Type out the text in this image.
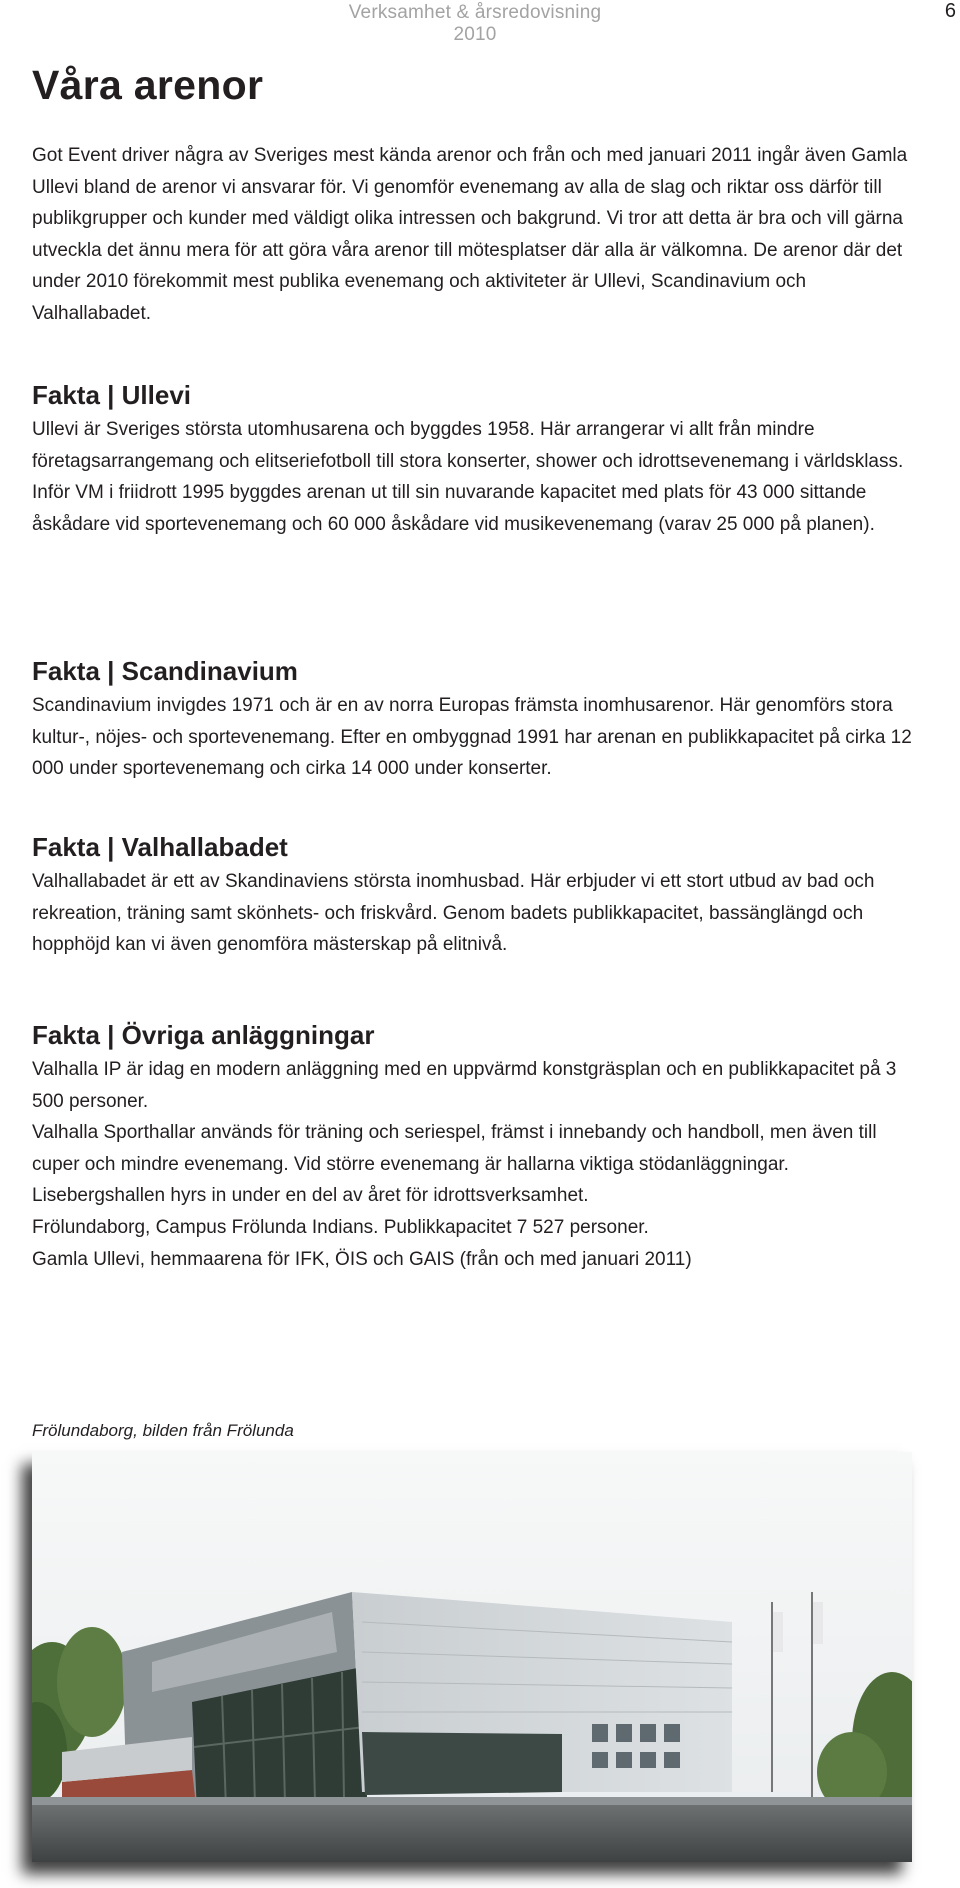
Verksamhet & årsredovisning 2010
6
Våra arenor

Got Event driver några av Sveriges mest kända arenor och från och med januari 2011 ingår även Gamla Ullevi bland de arenor vi ansvarar för. Vi genomför evenemang av alla de slag och riktar oss därför till publikgrupper och kunder med väldigt olika intressen och bakgrund. Vi tror att detta är bra och vill gärna utveckla det ännu mera för att göra våra arenor till mötesplatser där alla är välkomna. De arenor där det under 2010 förekommit mest publika evenemang och aktiviteter är Ullevi, Scandinavium och Valhallabadet.

Fakta | Ullevi

Ullevi är Sveriges största utomhusarena och byggdes 1958. Här arrangerar vi allt från mindre företagsarrangemang och elitseriefotboll till stora konserter, shower och idrottsevenemang i världsklass.

Inför VM i friidrott 1995 byggdes arenan ut till sin nuvarande kapacitet med plats för 43 000 sittande åskådare vid sportevenemang och 60 000 åskådare vid musikevenemang (varav 25 000 på planen).

Fakta | Scandinavium

Scandinavium invigdes 1971 och är en av norra Europas främsta inomhusarenor. Här genomförs stora kultur-, nöjes- och sportevenemang. Efter en ombyggnad 1991 har arenan en publikkapacitet på cirka 12 000 under sportevenemang och cirka 14 000 under konserter.

Fakta | Valhallabadet

Valhallabadet är ett av Skandinaviens största inomhusbad. Här erbjuder vi ett stort utbud av bad och rekreation, träning samt skönhets- och friskvård. Genom badets publikkapacitet, bassänglängd och hopphöjd kan vi även genomföra mästerskap på elitnivå.

Fakta | Övriga anläggningar

Valhalla IP är idag en modern anläggning med en uppvärmd konstgräsplan och en publikkapacitet på 3 500 personer.

Valhalla Sporthallar används för träning och seriespel, främst i innebandy och handboll, men även till cuper och mindre evenemang. Vid större evenemang är hallarna viktiga stödanläggningar.

Lisebergshallen hyrs in under en del av året för idrottsverksamhet.

Frölundaborg, Campus Frölunda Indians. Publikkapacitet 7 527 personer.

Gamla Ullevi, hemmaarena för IFK, ÖIS och GAIS (från och med januari 2011)

Frölundaborg, bilden från Frölunda
